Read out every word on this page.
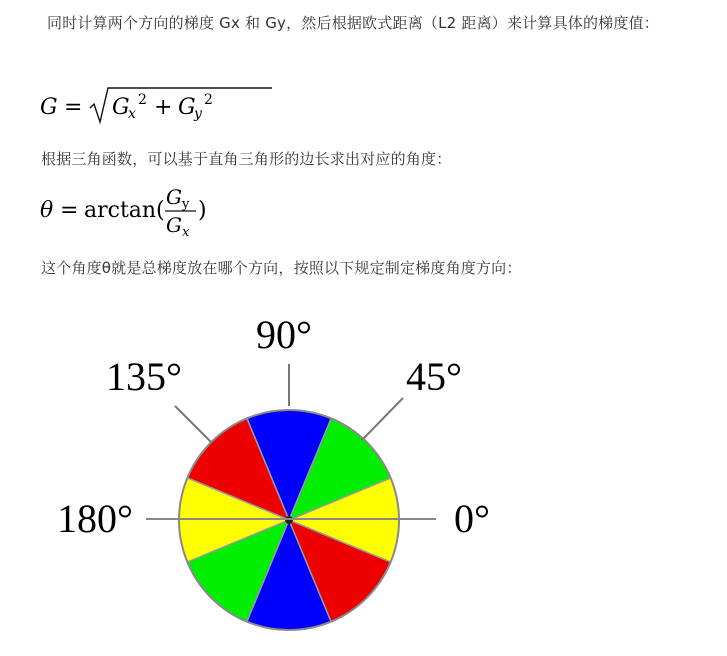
同时计算两个方向的梯度 Gx 和 Gy，然后根据欧式距离（L2 距离）来计算具体的梯度值：
G = G
x
2 + G
y
2
根据三角函数，可以基于直角三角形的边长求出对应的角度：
θ = arctan (
G y
G x
)
这个角度θ就是总梯度放在哪个方向，按照以下规定制定梯度角度方向：
90°
135°	45°
180°	0°
